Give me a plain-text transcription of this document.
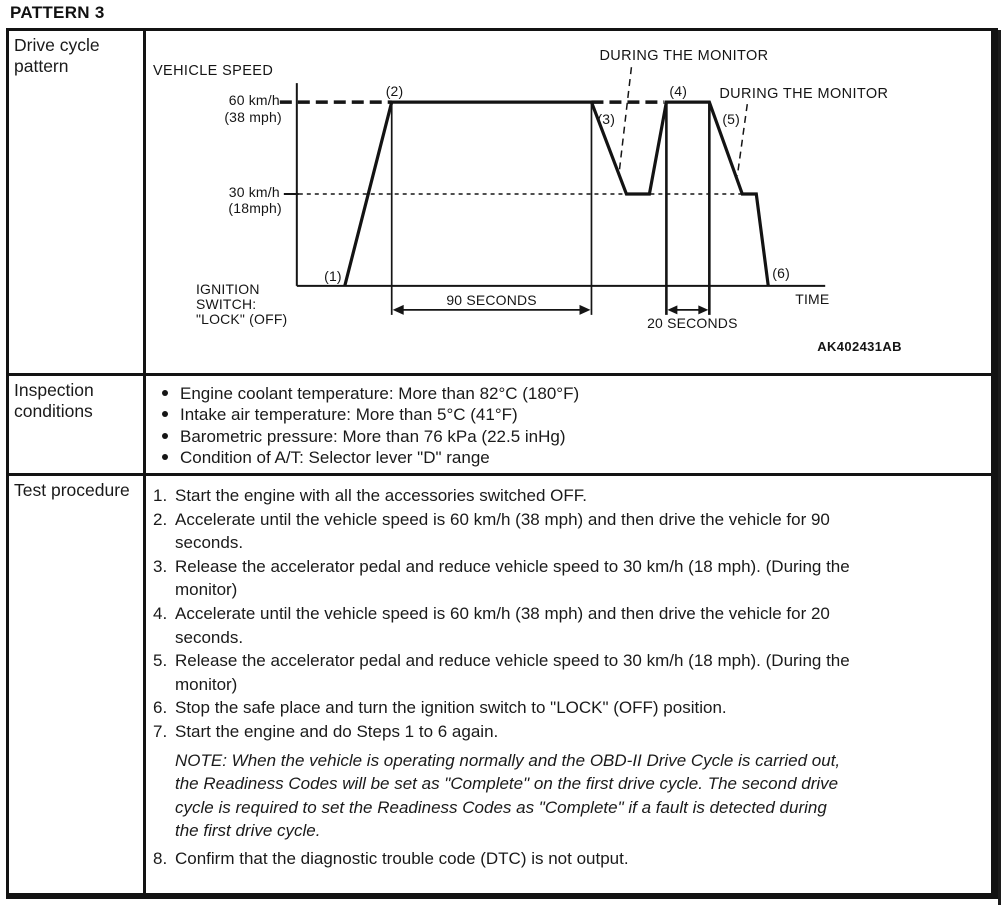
PATTERN 3
Drive cycle pattern	VEHICLE SPEED
60 km/h
(38 mph)
30 km/h
(18mph)
IGNITION
SWITCH:
"LOCK" (OFF)
DURING THE MONITOR
DURING THE MONITOR
(1)
(2)
(3)
(4)
(5)
(6)
90 SECONDS
20 SECONDS
TIME
AK402431AB
Inspection conditions
Engine coolant temperature: More than 82°C (180°F)
Intake air temperature: More than 5°C (41°F)
Barometric pressure: More than 76 kPa (22.5 inHg)
Condition of A/T: Selector lever "D" range
Test procedure	1. Start the engine with all the accessories switched OFF.
2. Accelerate until the vehicle speed is 60 km/h (38 mph) and then drive the vehicle for 90
seconds.
3. Release the accelerator pedal and reduce vehicle speed to 30 km/h (18 mph). (During the
monitor)
4. Accelerate until the vehicle speed is 60 km/h (38 mph) and then drive the vehicle for 20
seconds.
5. Release the accelerator pedal and reduce vehicle speed to 30 km/h (18 mph). (During the
monitor)
6. Stop the safe place and turn the ignition switch to "LOCK" (OFF) position.
7. Start the engine and do Steps 1 to 6 again.
NOTE: When the vehicle is operating normally and the OBD-II Drive Cycle is carried out,
the Readiness Codes will be set as "Complete" on the first drive cycle. The second drive
cycle is required to set the Readiness Codes as "Complete" if a fault is detected during
the first drive cycle.
8. Confirm that the diagnostic trouble code (DTC) is not output.
